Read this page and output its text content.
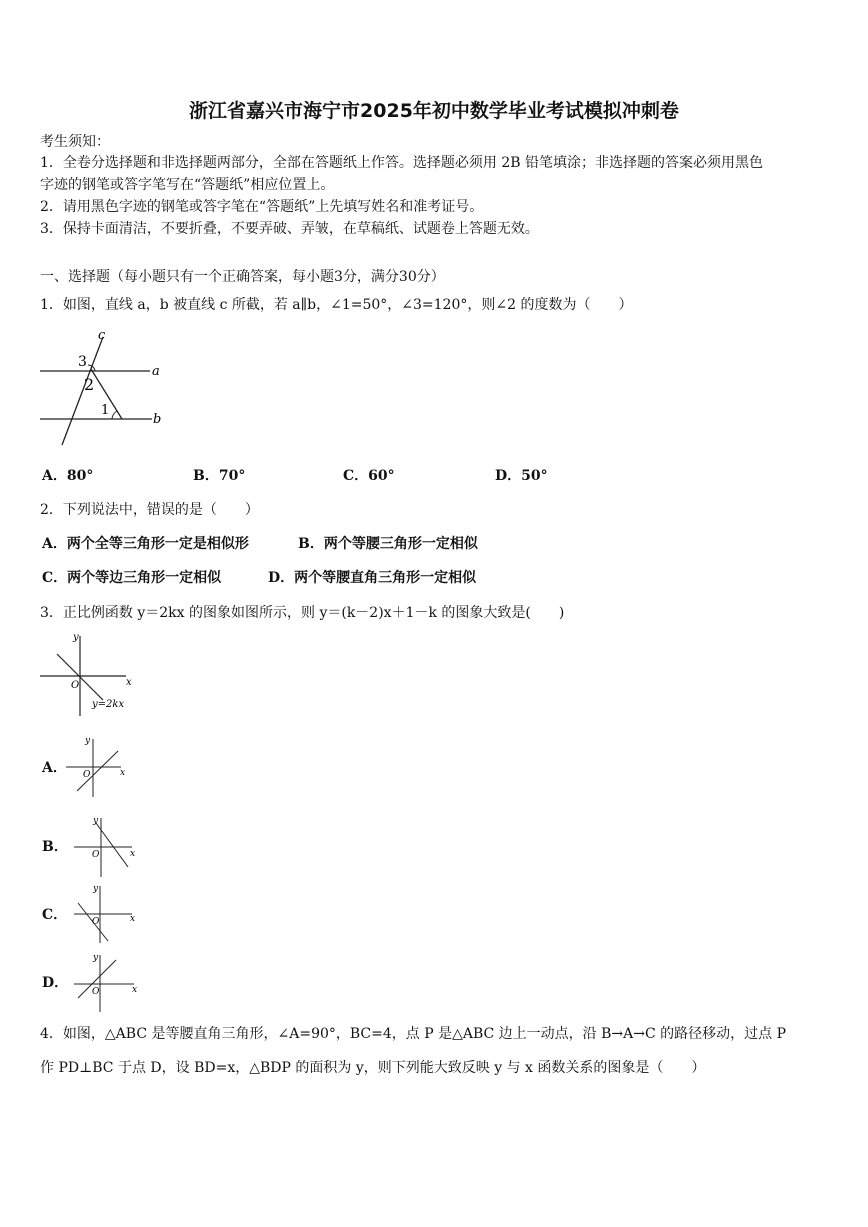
浙江省嘉兴市海宁市2025年初中数学毕业考试模拟冲刺卷
考生须知：
1．全卷分选择题和非选择题两部分，全部在答题纸上作答。选择题必须用 2B 铅笔填涂；非选择题的答案必须用黑色
字迹的钢笔或答字笔写在“答题纸”相应位置上。
2．请用黑色字迹的钢笔或答字笔在“答题纸”上先填写姓名和准考证号。
3．保持卡面清洁，不要折叠，不要弄破、弄皱，在草稿纸、试题卷上答题无效。
一、选择题（每小题只有一个正确答案，每小题3分，满分30分）
1．如图，直线 a，b 被直线 c 所截，若 a∥b，∠1=50°，∠3=120°，则∠2 的度数为（　　）
c
a
b
3
2
1
A．80°	B．70°	C．60°	D．50°
2．下列说法中，错误的是（　　）
A．两个全等三角形一定是相似形	B．两个等腰三角形一定相似
C．两个等边三角形一定相似	D．两个等腰直角三角形一定相似
3．正比例函数 y＝2kx 的图象如图所示，则 y＝(k－2)x＋1－k 的图象大致是(　　)
y
x
O
y=2kx
A．
y
x
O
B．
y
x
O
C．
y
x
O
D．
y
x
O
4．如图，△ABC 是等腰直角三角形，∠A=90°，BC=4，点 P 是△ABC 边上一动点，沿 B→A→C 的路径移动，过点 P
作 PD⊥BC 于点 D，设 BD=x，△BDP 的面积为 y，则下列能大致反映 y 与 x 函数关系的图象是（　　）
